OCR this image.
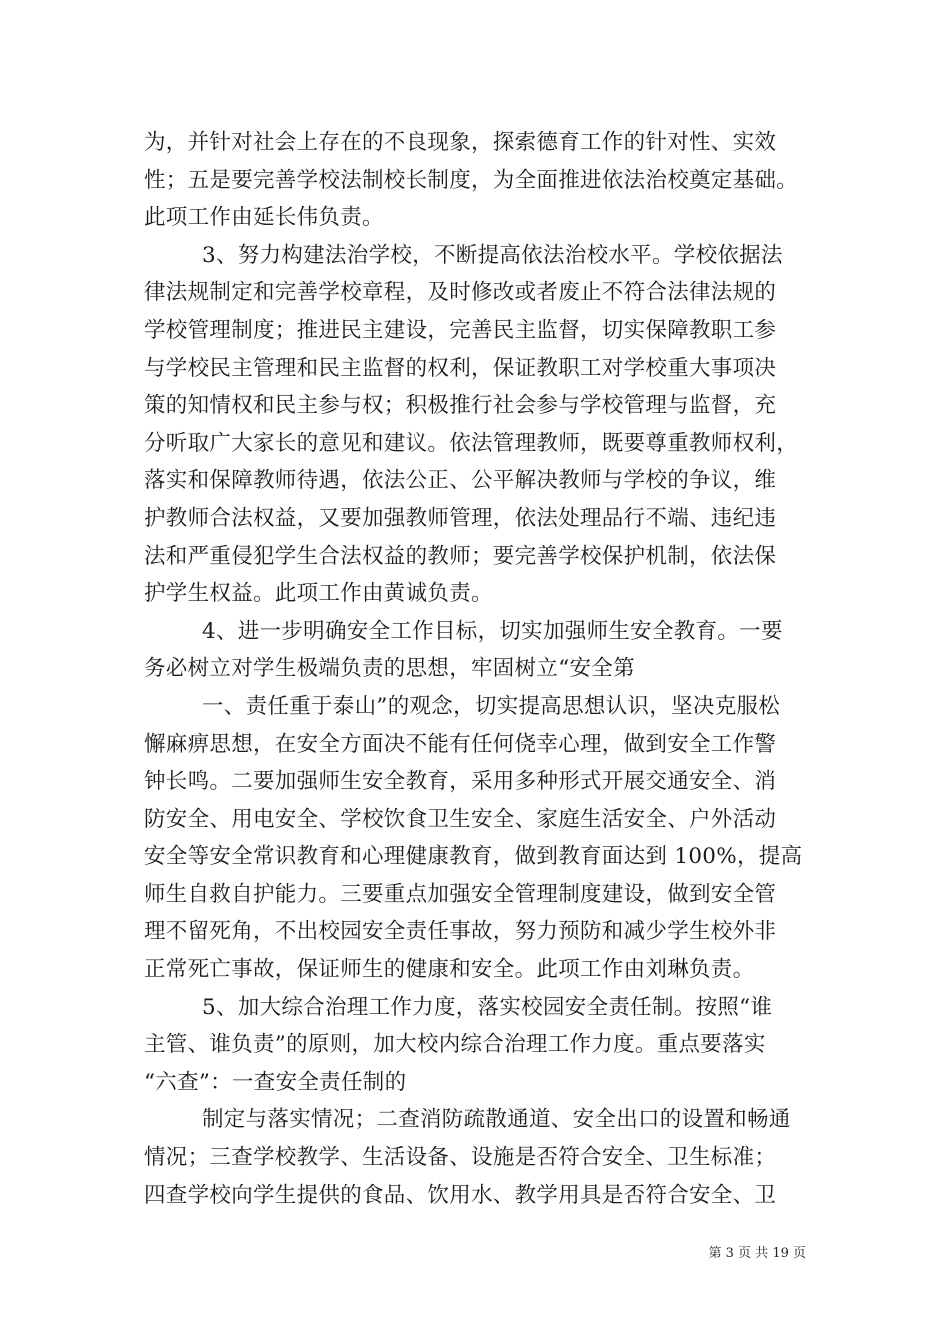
为，并针对社会上存在的不良现象，探索德育工作的针对性、实效
性；五是要完善学校法制校长制度，为全面推进依法治校奠定基础。
此项工作由延长伟负责。
3、努力构建法治学校，不断提高依法治校水平。学校依据法
律法规制定和完善学校章程，及时修改或者废止不符合法律法规的
学校管理制度；推进民主建设，完善民主监督，切实保障教职工参
与学校民主管理和民主监督的权利，保证教职工对学校重大事项决
策的知情权和民主参与权；积极推行社会参与学校管理与监督，充
分听取广大家长的意见和建议。依法管理教师，既要尊重教师权利，
落实和保障教师待遇，依法公正、公平解决教师与学校的争议，维
护教师合法权益，又要加强教师管理，依法处理品行不端、违纪违
法和严重侵犯学生合法权益的教师；要完善学校保护机制，依法保
护学生权益。此项工作由黄诚负责。
4、进一步明确安全工作目标，切实加强师生安全教育。一要
务必树立对学生极端负责的思想，牢固树立“安全第
一、责任重于泰山”的观念，切实提高思想认识，坚决克服松
懈麻痹思想，在安全方面决不能有任何侥幸心理，做到安全工作警
钟长鸣。二要加强师生安全教育，采用多种形式开展交通安全、消
防安全、用电安全、学校饮食卫生安全、家庭生活安全、户外活动
安全等安全常识教育和心理健康教育，做到教育面达到 100%，提高
师生自救自护能力。三要重点加强安全管理制度建设，做到安全管
理不留死角，不出校园安全责任事故，努力预防和减少学生校外非
正常死亡事故，保证师生的健康和安全。此项工作由刘琳负责。
5、加大综合治理工作力度，落实校园安全责任制。按照“谁
主管、谁负责”的原则，加大校内综合治理工作力度。重点要落实
“六查”：一查安全责任制的
制定与落实情况；二查消防疏散通道、安全出口的设置和畅通
情况；三查学校教学、生活设备、设施是否符合安全、卫生标准；
四查学校向学生提供的食品、饮用水、教学用具是否符合安全、卫
第 3 页 共 19 页
